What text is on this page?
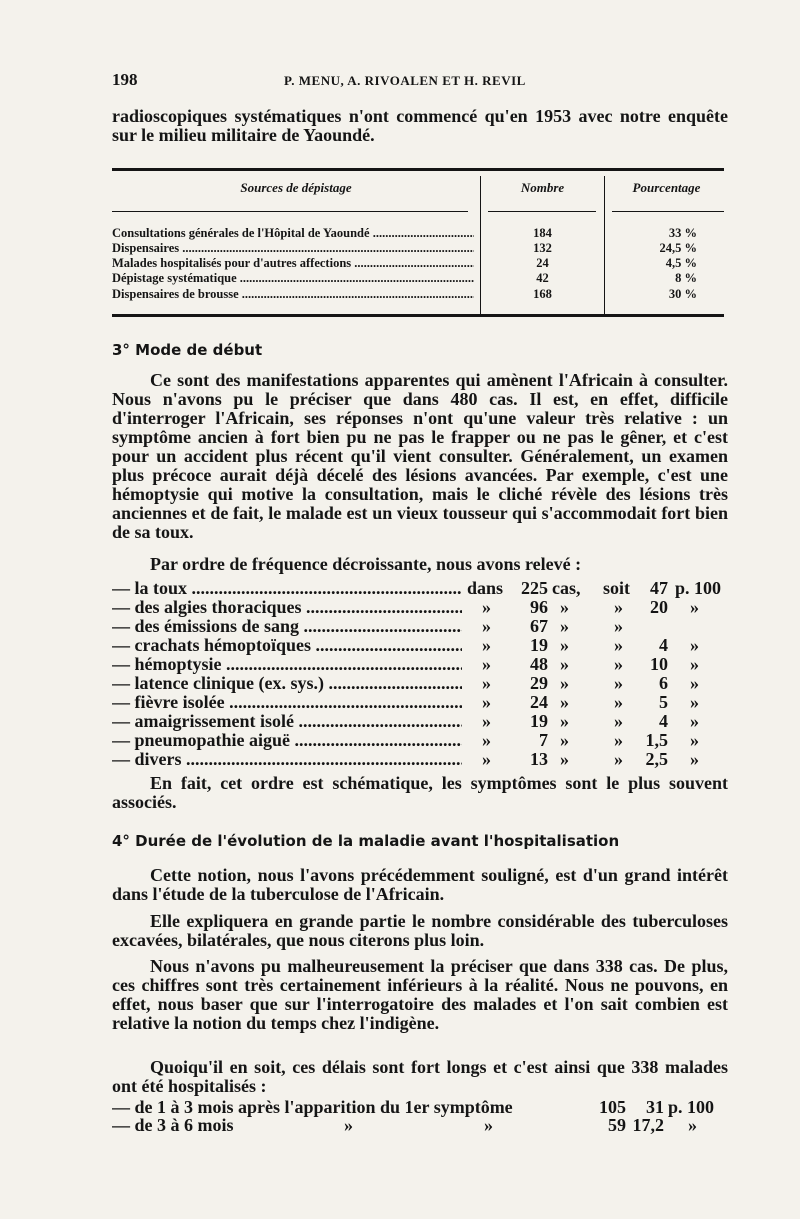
198	P. MENU, A. RIVOALEN ET H. REVIL
radioscopiques systématiques n'ont commencé qu'en 1953 avec notre enquête sur le milieu militaire de Yaoundé.
Sources de dépistage	Nombre	Pourcentage
Consultations générales de l'Hôpital de Yaoundé .....	184	33 %
Dispensaires .....	132	24,5 %
Malades hospitalisés pour d'autres affections .....	24	4,5 %
Dépistage systématique .....	42	8 %
Dispensaires de brousse .....	168	30 %
3° Mode de début
Ce sont des manifestations apparentes qui amènent l'Africain à consulter. Nous n'avons pu le préciser que dans 480 cas. Il est, en effet, difficile d'interroger l'Africain, ses réponses n'ont qu'une valeur très relative : un symptôme ancien à fort bien pu ne pas le frapper ou ne pas le gêner, et c'est pour un accident plus récent qu'il vient consulter. Généralement, un examen plus précoce aurait déjà décelé des lésions avancées. Par exemple, c'est une hémoptysie qui motive la consultation, mais le cliché révèle des lésions très anciennes et de fait, le malade est un vieux tousseur qui s'accommodait fort bien de sa toux.
Par ordre de fréquence décroissante, nous avons relevé :
— la toux .....	dans 225 cas, soit	47 p. 100
— des algies thoraciques .....	»	96 »	»	20 »
— des émissions de sang .....	»	67 »	»
— crachats hémoptoïques .....	»	19 »	»	4 »
— hémoptysie .....	»	48 »	»	10 »
— latence clinique (ex. sys.) .....	»	29 »	»	6 »
— fièvre isolée .....	»	24 »	»	5 »
— amaigrissement isolé .....	»	19 »	»	4 »
— pneumopathie aiguë .....	»	7 »	»	1,5 »
— divers .....	»	13 »	»	2,5 »
En fait, cet ordre est schématique, les symptômes sont le plus souvent associés.
4° Durée de l'évolution de la maladie avant l'hospitalisation
Cette notion, nous l'avons précédemment souligné, est d'un grand intérêt dans l'étude de la tuberculose de l'Africain.
Elle expliquera en grande partie le nombre considérable des tuberculoses excavées, bilatérales, que nous citerons plus loin.
Nous n'avons pu malheureusement la préciser que dans 338 cas. De plus, ces chiffres sont très certainement inférieurs à la réalité. Nous ne pouvons, en effet, nous baser que sur l'interrogatoire des malades et l'on sait combien est relative la notion du temps chez l'indigène.
Quoiqu'il en soit, ces délais sont fort longs et c'est ainsi que 338 malades ont été hospitalisés :
— de 1 à 3 mois après l'apparition du 1er symptôme	105	31 p. 100
— de 3 à 6 mois	»	»	59 17,2 »
